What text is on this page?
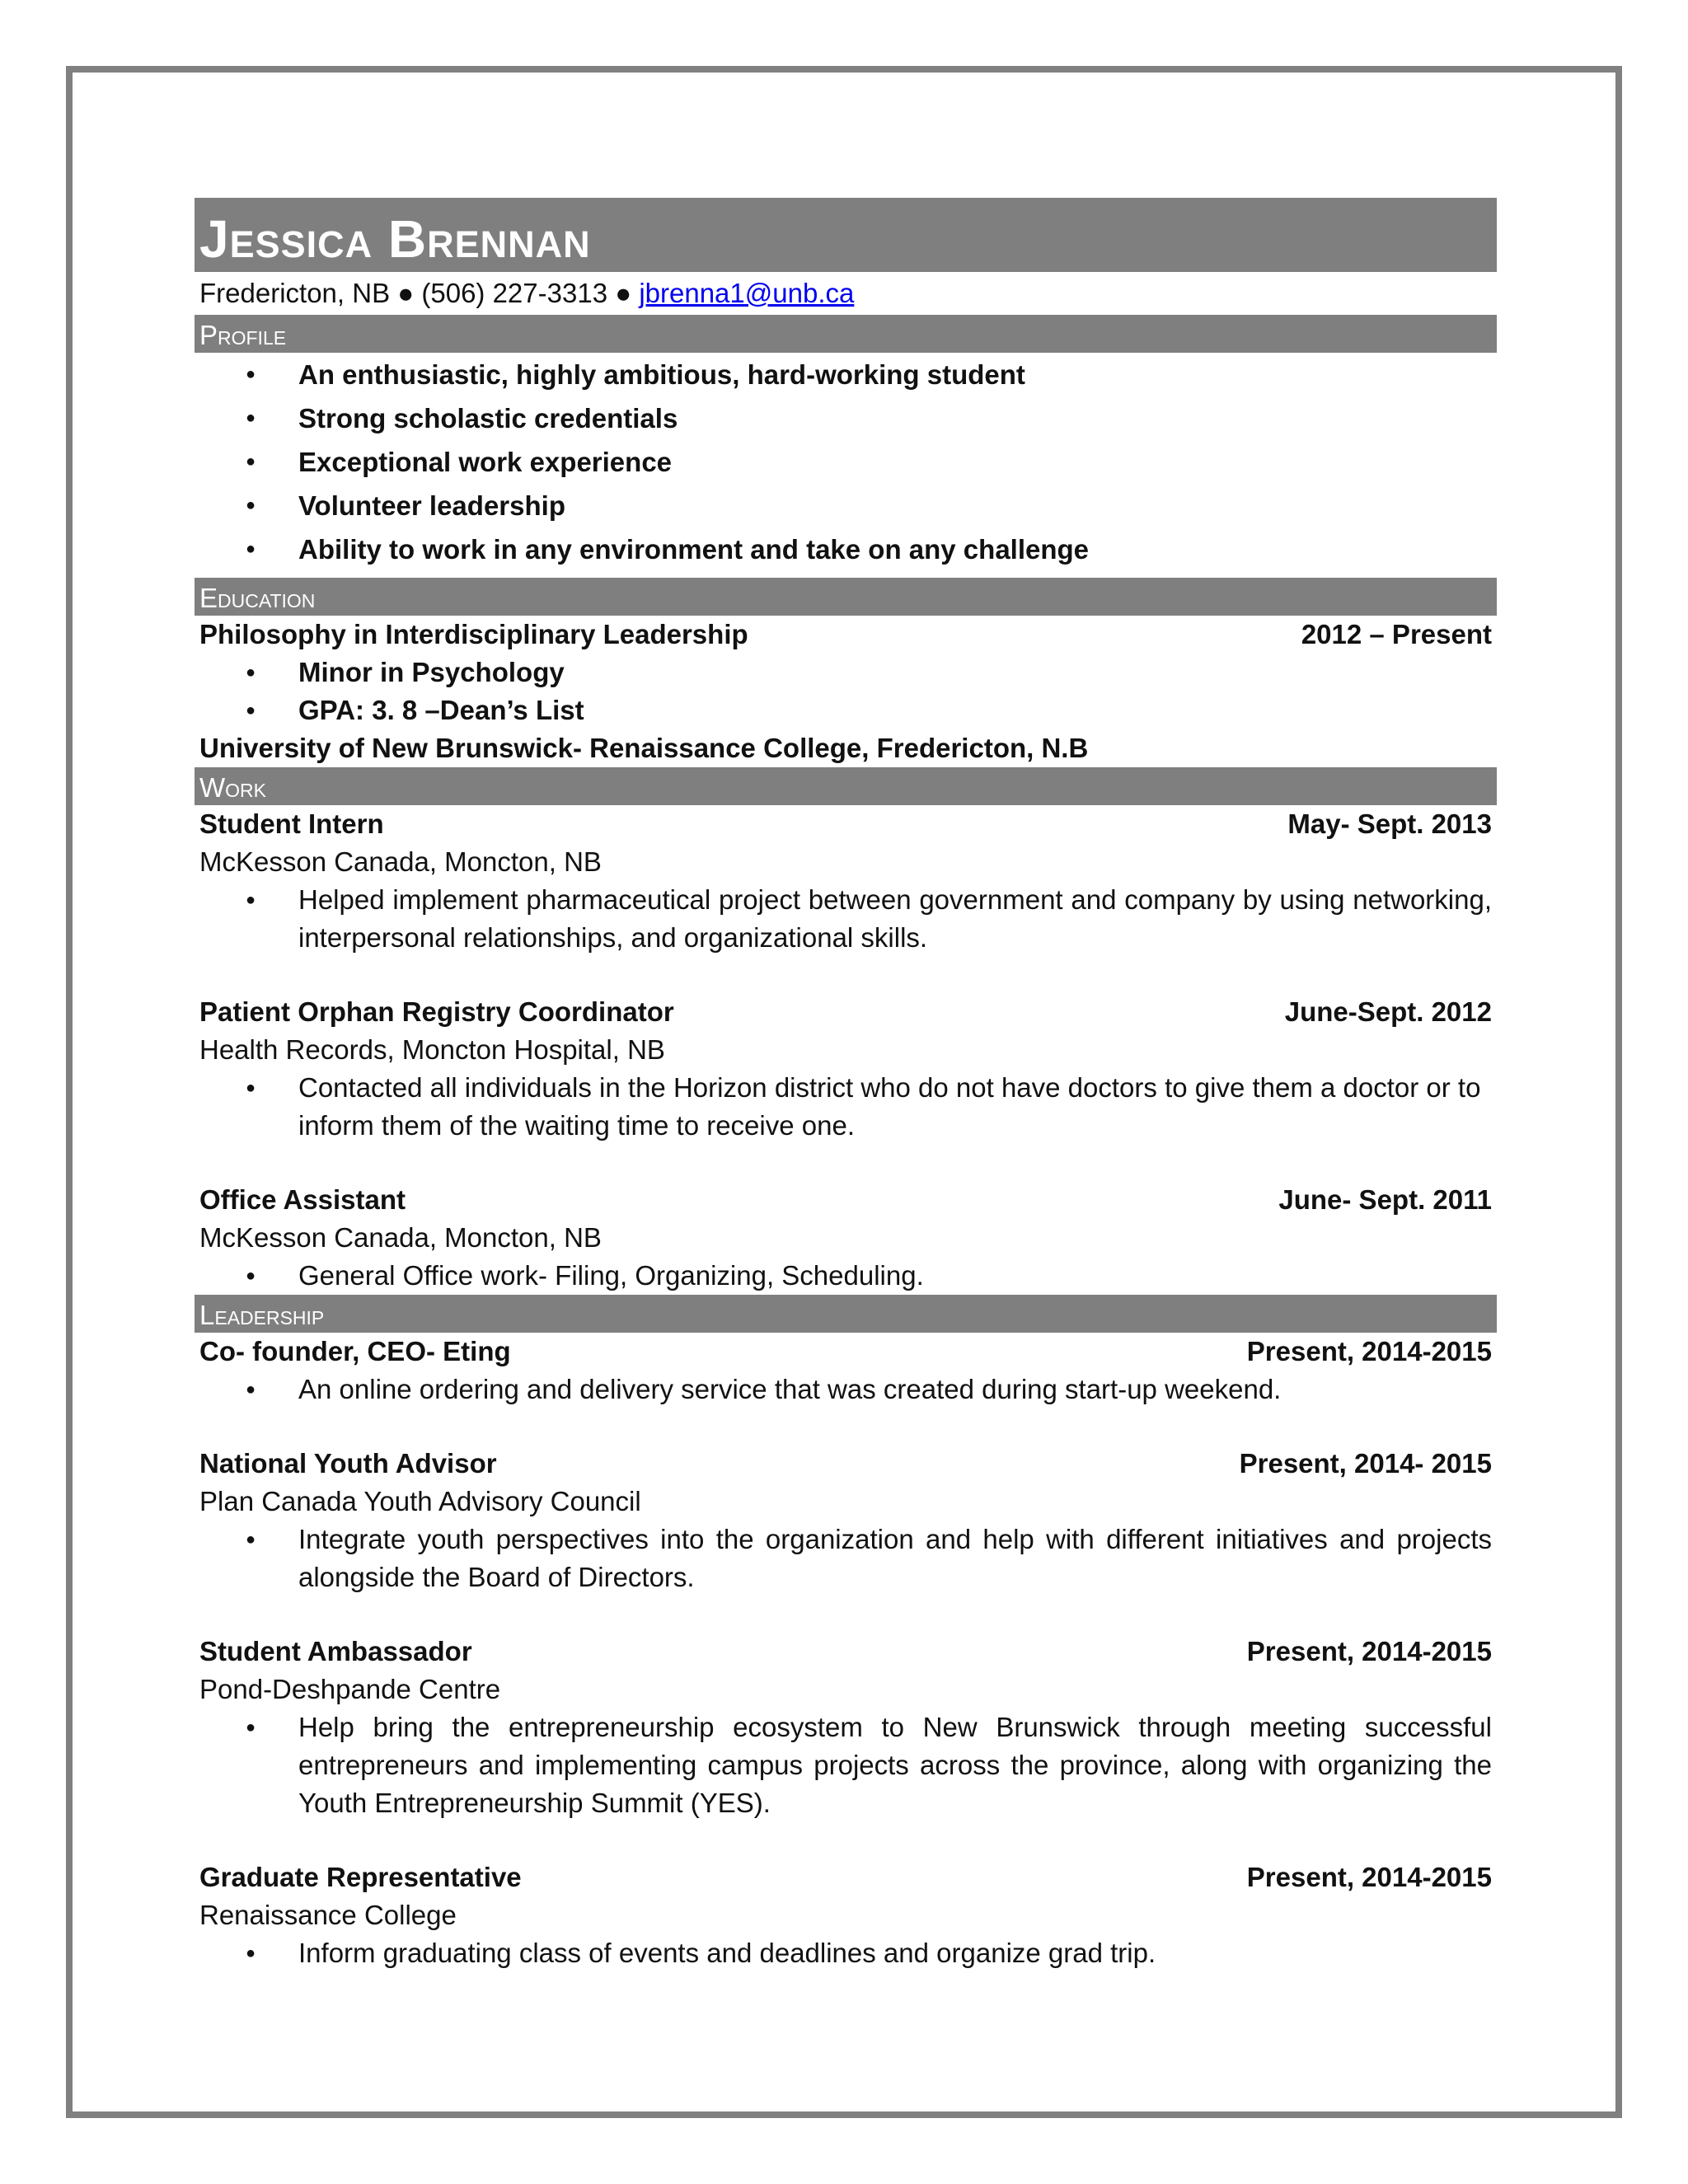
Jessica Brennan
Fredericton, NB ● (506) 227-3313 ● jbrenna1@unb.ca
Profile
● An enthusiastic, highly ambitious, hard-working student
● Strong scholastic credentials
● Exceptional work experience
● Volunteer leadership
● Ability to work in any environment and take on any challenge
Education
Philosophy in Interdisciplinary Leadership	2012 – Present
● Minor in Psychology
● GPA: 3. 8 –Dean’s List
University of New Brunswick- Renaissance College, Fredericton, N.B
Work
Student Intern	May- Sept. 2013
McKesson Canada, Moncton, NB
● Helped implement pharmaceutical project between government and company by using networking, interpersonal relationships, and organizational skills.
Patient Orphan Registry Coordinator	June-Sept. 2012
Health Records, Moncton Hospital, NB
● Contacted all individuals in the Horizon district who do not have doctors to give them a doctor or to inform them of the waiting time to receive one.
Office Assistant	June- Sept. 2011
McKesson Canada, Moncton, NB
● General Office work- Filing, Organizing, Scheduling.
Leadership
Co- founder, CEO- Eting	Present, 2014-2015
● An online ordering and delivery service that was created during start-up weekend.
National Youth Advisor	Present, 2014- 2015
Plan Canada Youth Advisory Council
● Integrate youth perspectives into the organization and help with different initiatives and projects alongside the Board of Directors.
Student Ambassador	Present, 2014-2015
Pond-Deshpande Centre
● Help bring the entrepreneurship ecosystem to New Brunswick through meeting successful entrepreneurs and implementing campus projects across the province, along with organizing the Youth Entrepreneurship Summit (YES).
Graduate Representative	Present, 2014-2015
Renaissance College
● Inform graduating class of events and deadlines and organize grad trip.
